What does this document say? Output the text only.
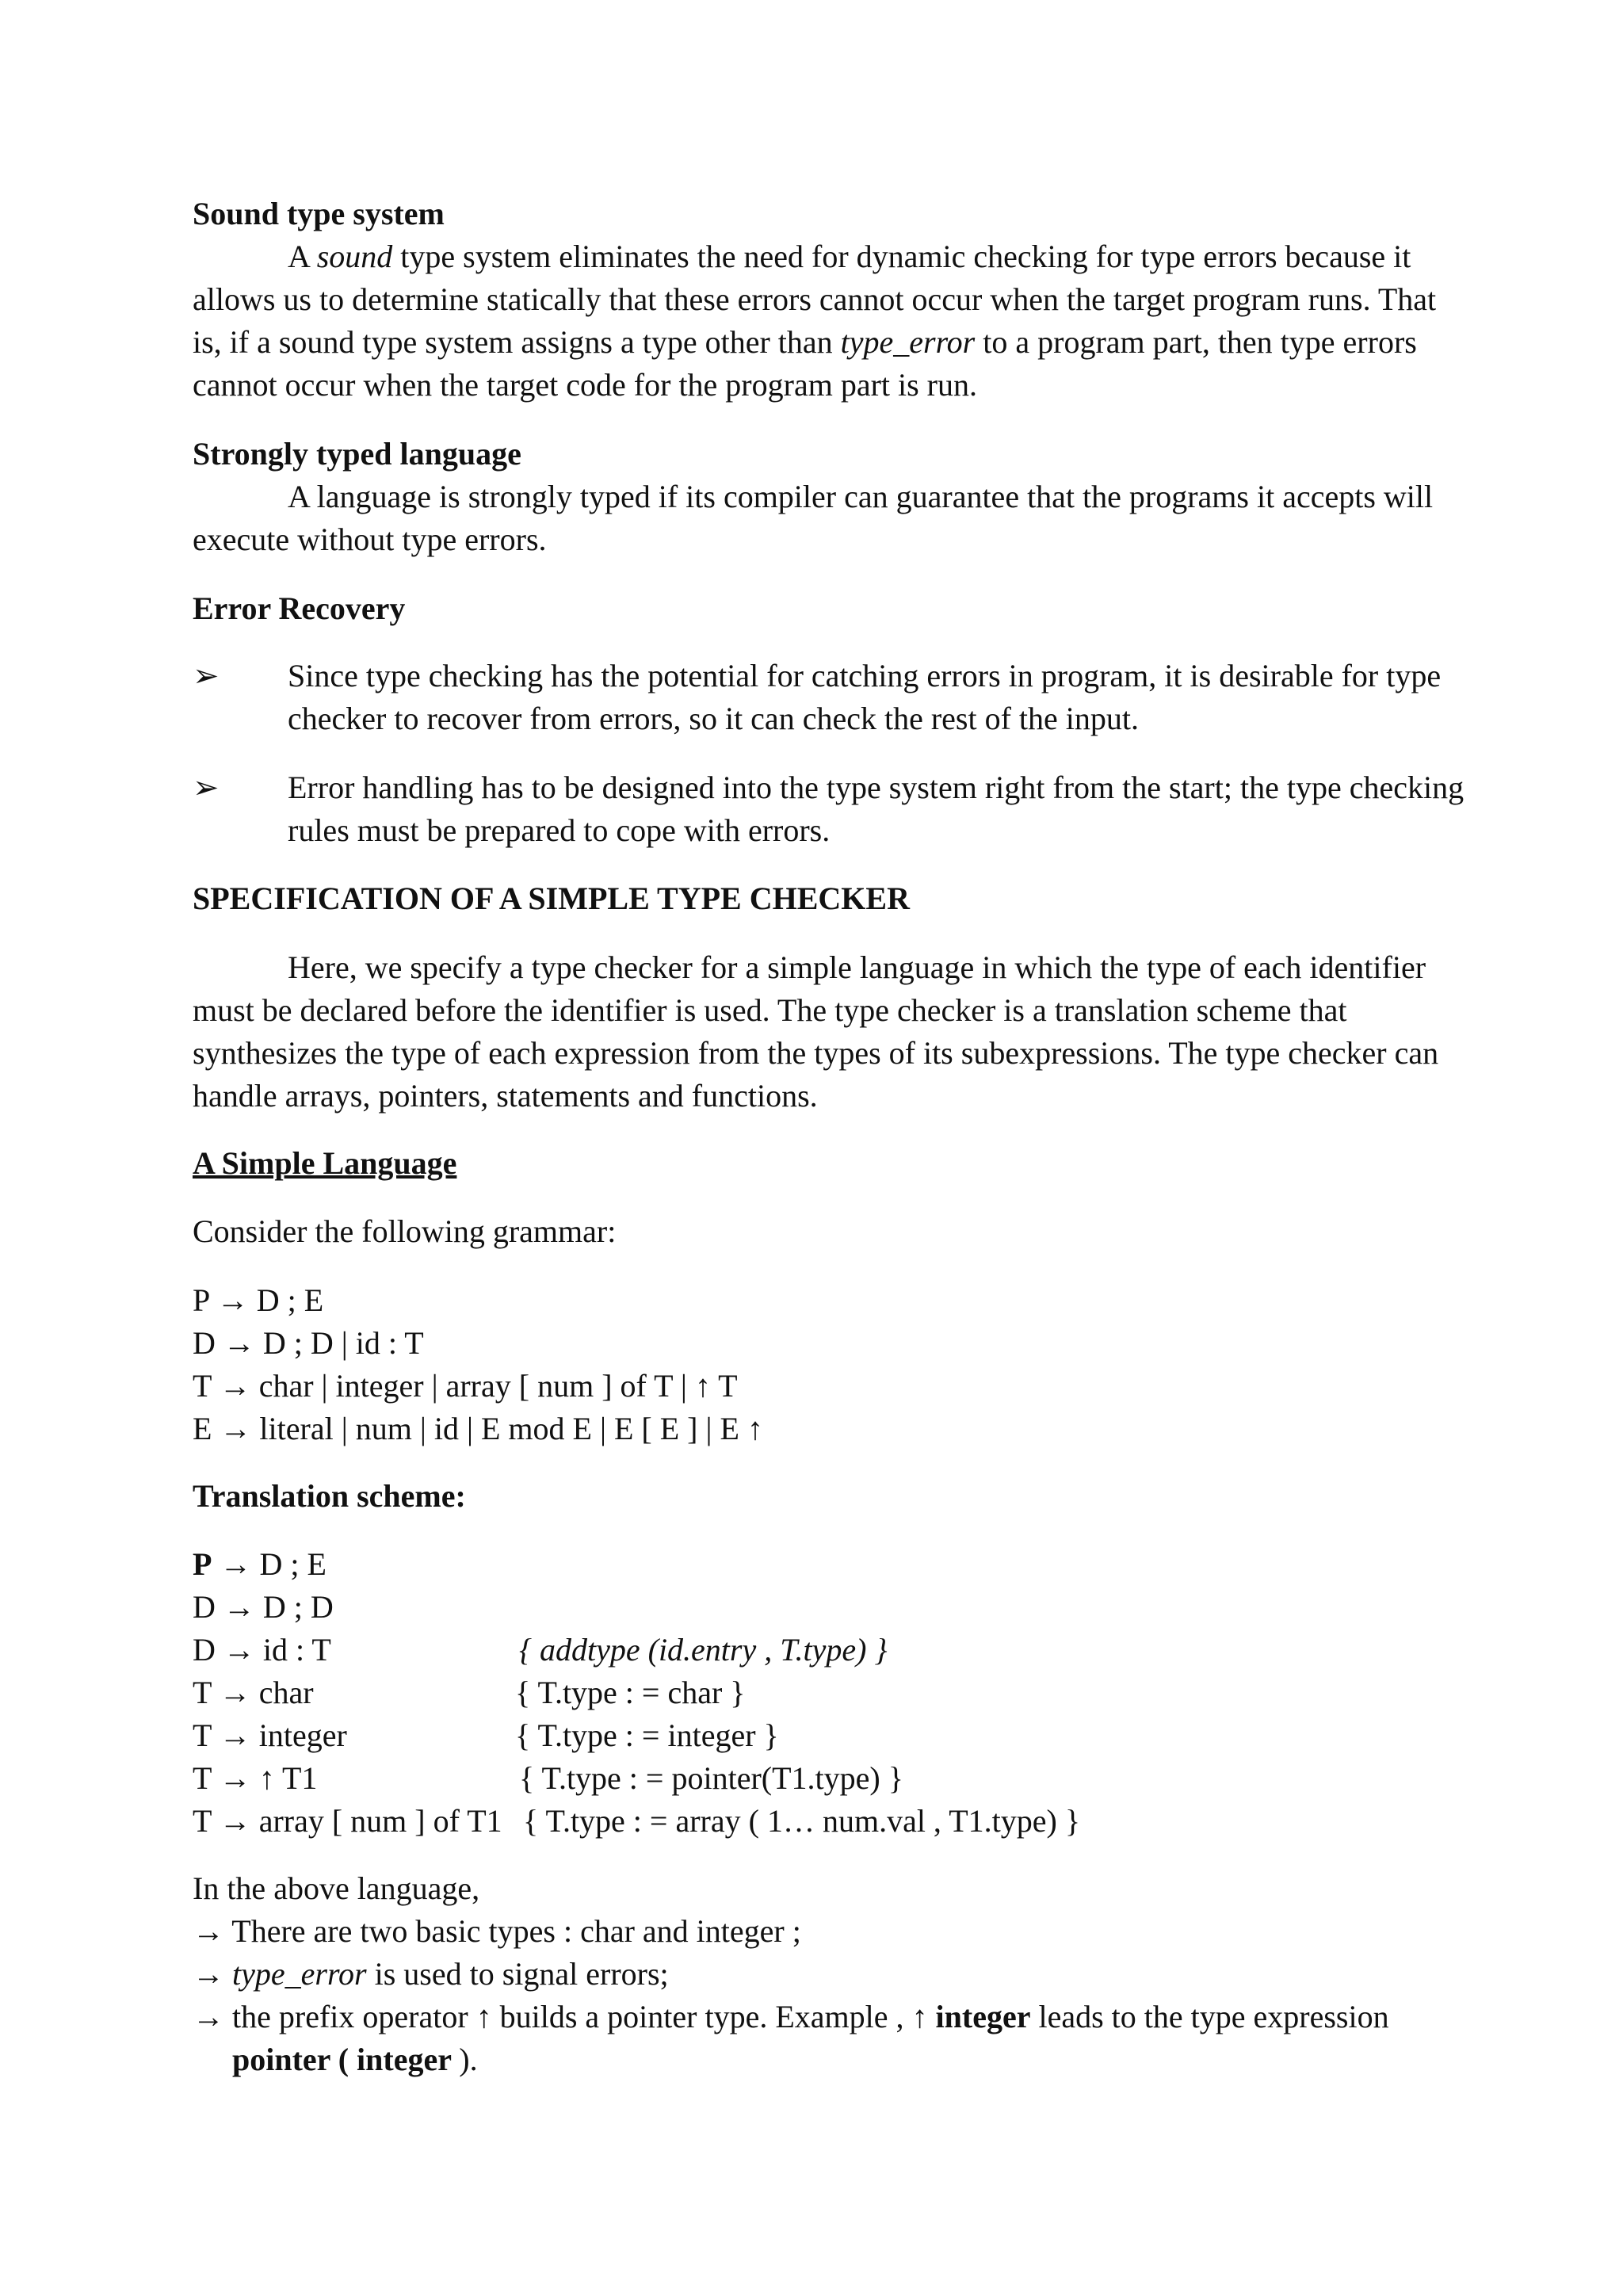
Sound type system

A sound type system eliminates the need for dynamic checking for type errors because it allows us to determine statically that these errors cannot occur when the target program runs. That is, if a sound type system assigns a type other than type_error to a program part, then type errors cannot occur when the target code for the program part is run.

Strongly typed language

A language is strongly typed if its compiler can guarantee that the programs it accepts will execute without type errors.

Error Recovery
➢	Since type checking has the potential for catching errors in program, it is desirable for type checker to recover from errors, so it can check the rest of the input.
➢	Error handling has to be designed into the type system right from the start; the type checking rules must be prepared to cope with errors.
SPECIFICATION OF A SIMPLE TYPE CHECKER

Here, we specify a type checker for a simple language in which the type of each identifier must be declared before the identifier is used. The type checker is a translation scheme that synthesizes the type of each expression from the types of its subexpressions. The type checker can handle arrays, pointers, statements and functions.

A Simple Language
Consider the following grammar:
P → D ; E
D → D ; D | id : T
T → char | integer | array [ num ] of T | ↑ T
E → literal | num | id | E mod E | E [ E ] | E ↑
Translation scheme:
P → D ; E
D → D ; D
D → id : T	{ addtype (id.entry , T.type) }
T → char	{ T.type : = char }
T → integer	{ T.type : = integer }
T → ↑ T1	{ T.type : = pointer(T1.type) }
T → array [ num ] of T1 { T.type : = array ( 1… num.val , T1.type) }
In the above language,
→ There are two basic types : char and integer ;
→ type_error is used to signal errors;
→ the prefix operator ↑ builds a pointer type. Example , ↑ integer leads to the type expression
pointer ( integer ).
